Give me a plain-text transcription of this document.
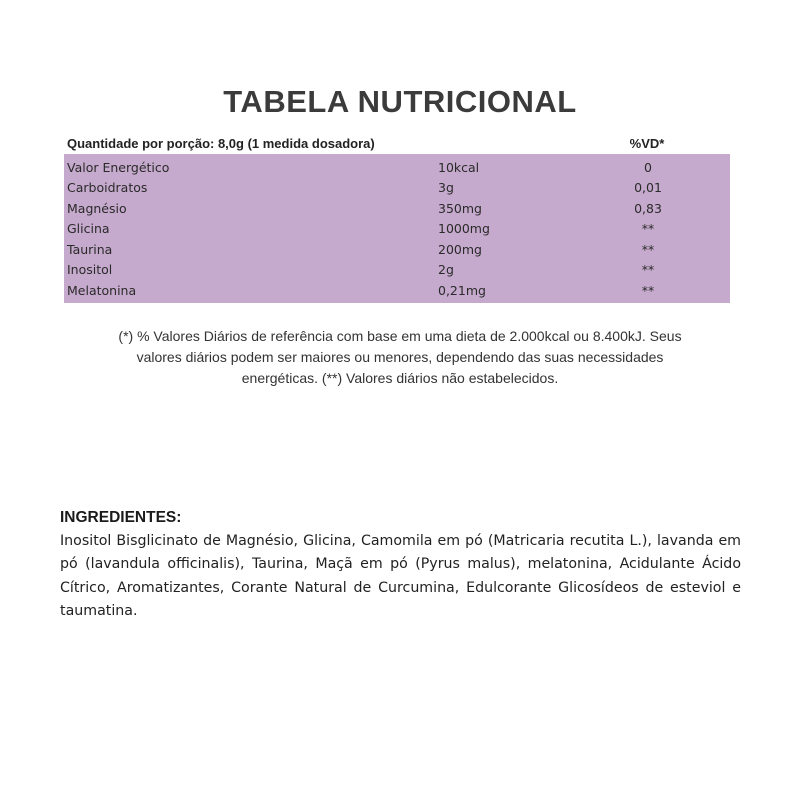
TABELA NUTRICIONAL
Quantidade por porção: 8,0g (1 medida dosadora)	%VD*
Valor Energético	10kcal	0
Carboidratos	3g	0,01
Magnésio	350mg	0,83
Glicina	1000mg	**
Taurina	200mg	**
Inositol	2g	**
Melatonina	0,21mg	**
(*) % Valores Diários de referência com base em uma dieta de 2.000kcal ou 8.400kJ. Seus
valores diários podem ser maiores ou menores, dependendo das suas necessidades
energéticas. (**) Valores diários não estabelecidos.
INGREDIENTES:
Inositol Bisglicinato de Magnésio, Glicina, Camomila em pó (Matricaria recutita L.), lavanda em pó (lavandula officinalis), Taurina, Maçã em pó (Pyrus malus), melatonina, Acidulante Ácido Cítrico, Aromatizantes, Corante Natural de Curcumina, Edulcorante Glicosídeos de esteviol e taumatina.
